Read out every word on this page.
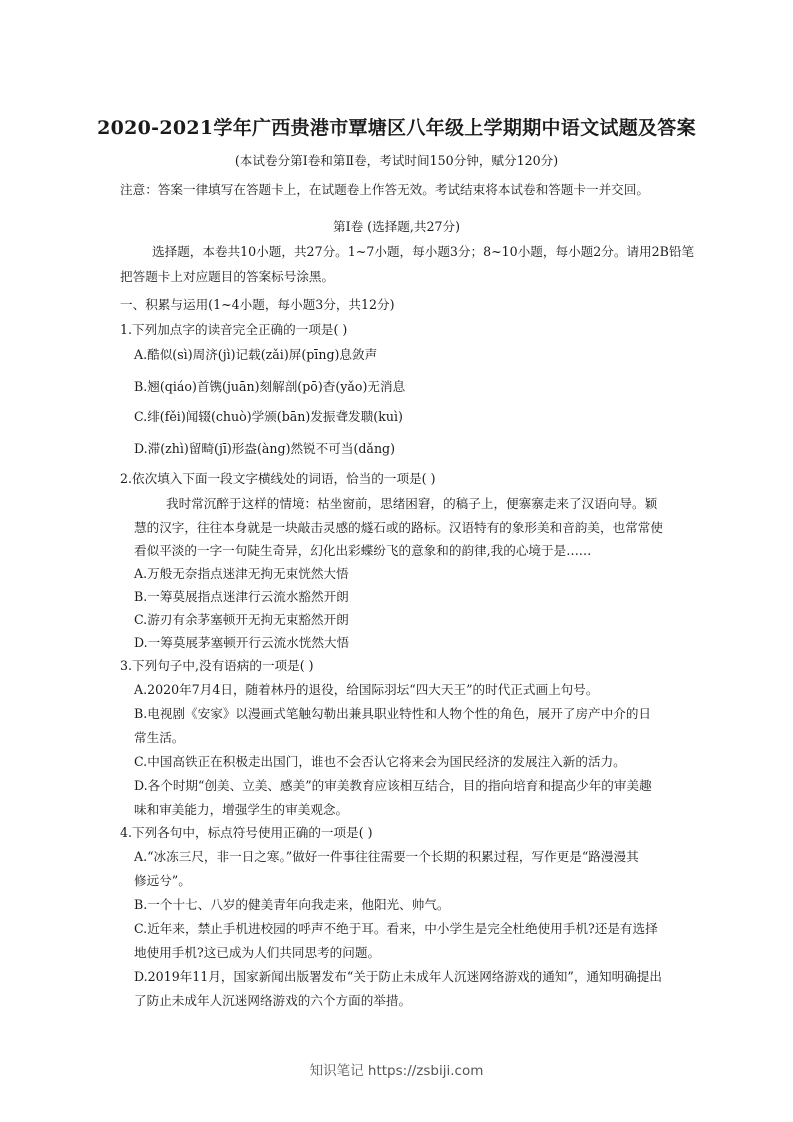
2020-2021学年广西贵港市覃塘区八年级上学期期中语文试题及答案
(本试卷分第Ⅰ卷和第Ⅱ卷，考试时间150分钟，赋分120分)
注意：答案一律填写在答题卡上，在试题卷上作答无效。考试结束将本试卷和答题卡一并交回。
第Ⅰ卷 (选择题,共27分)
选择题，本卷共10小题，共27分。1~7小题，每小题3分；8~10小题，每小题2分。请用2B铅笔
把答题卡上对应题目的答案标号涂黑。
一、积累与运用(1~4小题，每小题3分，共12分)
1.下列加点字的读音完全正确的一项是( )
A.酷似(sì)周济(jì)记载(zǎi)屏(pīng)息敛声
B.翘(qiáo)首镌(juān)刻解剖(pō)杳(yǎo)无消息
C.绯(fěi)闻辍(chuò)学颁(bān)发振聋发聩(kuì)
D.滞(zhì)留畸(jī)形盎(àng)然锐不可当(dǎng)
2.依次填入下面一段文字横线处的词语，恰当的一项是( )
我时常沉醉于这样的情境：枯坐窗前，思绪困窘，的稿子上，便寨寨走来了汉语向导。颖
慧的汉字，往往本身就是一块敲击灵感的燧石或的路标。汉语特有的象形美和音韵美，也常常使
看似平淡的一字一句陡生奇异，幻化出彩蝶纷飞的意象和的韵律,我的心境于是……
A.万般无奈指点迷津无拘无束恍然大悟
B.一筹莫展指点迷津行云流水豁然开朗
C.游刃有余茅塞顿开无拘无束豁然开朗
D.一筹莫展茅塞顿开行云流水恍然大悟
3.下列句子中,没有语病的一项是( )
A.2020年7月4日，随着林丹的退役，给国际羽坛“四大天王”的时代正式画上句号。
B.电视剧《安家》以漫画式笔触勾勒出兼具职业特性和人物个性的角色，展开了房产中介的日
常生活。
C.中国高铁正在积极走出国门，谁也不会否认它将来会为国民经济的发展注入新的活力。
D.各个时期“创美、立美、感美”的审美教育应该相互结合，目的指向培育和提高少年的审美趣
味和审美能力，增强学生的审美观念。
4.下列各句中，标点符号使用正确的一项是( )
A.“冰冻三尺，非一日之寒。”做好一件事往往需要一个长期的积累过程，写作更是“路漫漫其
修远兮”。
B.一个十七、八岁的健美青年向我走来，他阳光、帅气。
C.近年来，禁止手机进校园的呼声不绝于耳。看来，中小学生是完全杜绝使用手机?还是有选择
地使用手机?这已成为人们共同思考的问题。
D.2019年11月，国家新闻出版署发布“关于防止未成年人沉迷网络游戏的通知”，通知明确提出
了防止未成年人沉迷网络游戏的六个方面的举措。
知识笔记 https://zsbiji.com
